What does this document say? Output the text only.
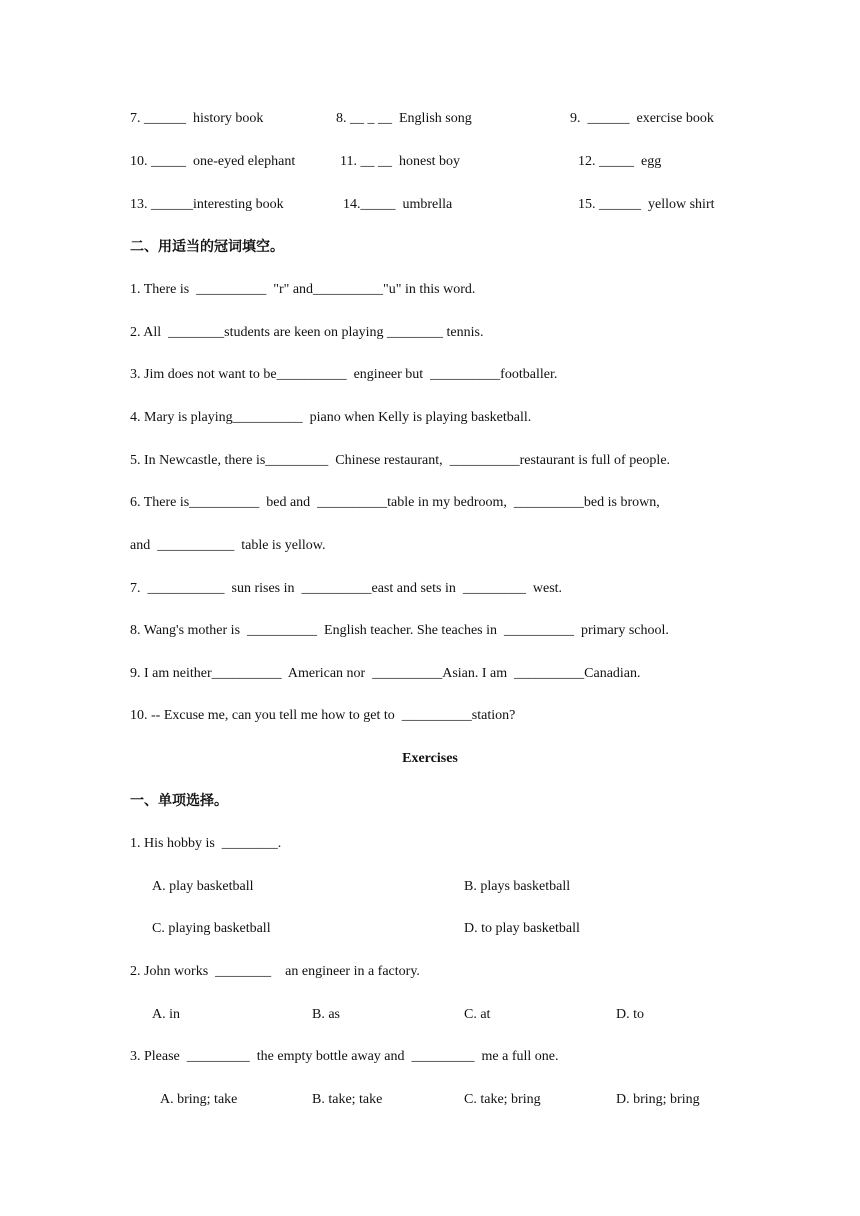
7. ______  history book	8. __ _ __  English song	9.  ______  exercise book
10. _____  one-eyed elephant	11. __ __  honest boy	12. _____  egg
13. ______interesting book	14._____  umbrella	15. ______  yellow shirt
二、用适当的冠词填空。
1. There is  __________  "r" and__________"u" in this word.
2. All  ________students are keen on playing ________ tennis.
3. Jim does not want to be__________  engineer but  __________footballer.
4. Mary is playing__________  piano when Kelly is playing basketball.
5. In Newcastle, there is_________  Chinese restaurant,  __________restaurant is full of people.
6. There is__________  bed and  __________table in my bedroom,  __________bed is brown,
and  ___________  table is yellow.
7.  ___________  sun rises in  __________east and sets in  _________  west.
8. Wang's mother is  __________  English teacher. She teaches in  __________  primary school.
9. I am neither__________  American nor  __________Asian. I am  __________Canadian.
10. -- Excuse me, can you tell me how to get to  __________station?
Exercises
一、单项选择。
1. His hobby is  ________.
A. play basketball	B. plays basketball
C. playing basketball	D. to play basketball
2. John works  ________    an engineer in a factory.
A. in	B. as	C. at	D. to
3. Please  _________  the empty bottle away and  _________  me a full one.
A. bring; take	B. take; take	C. take; bring	D. bring; bring
